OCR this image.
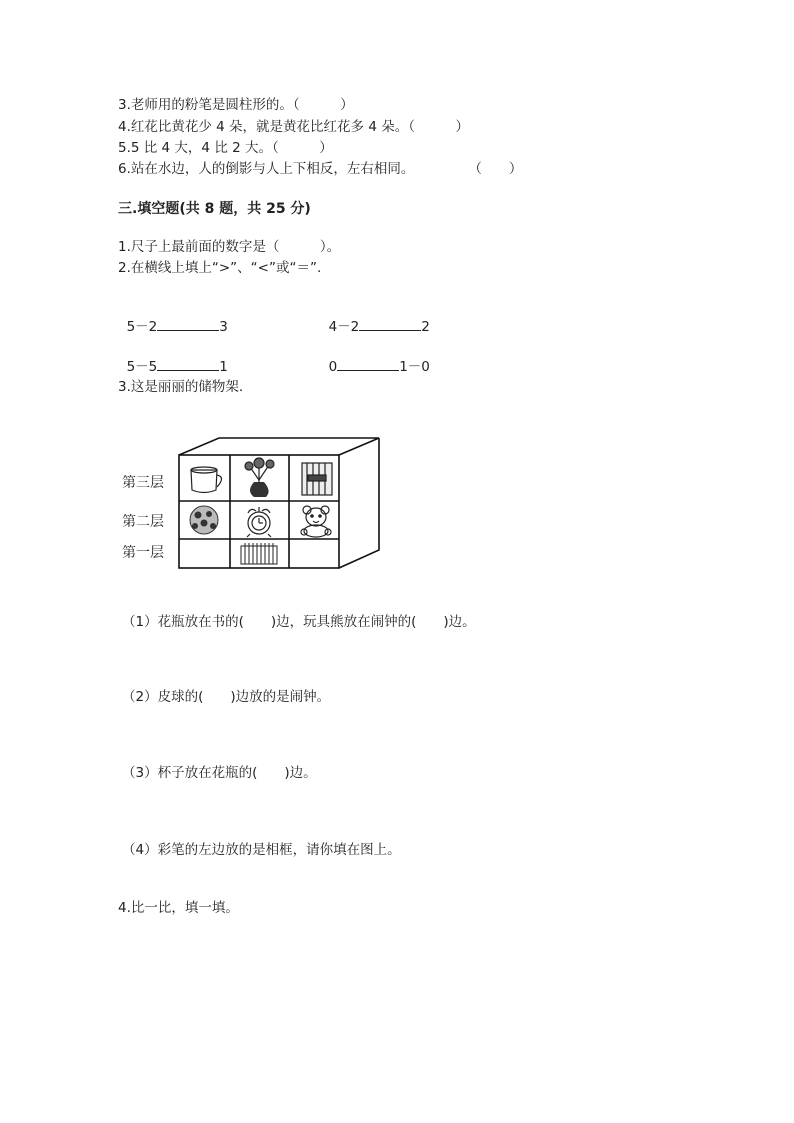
3.老师用的粉笔是圆柱形的。（　　　）
4.红花比黄花少 4 朵，就是黄花比红花多 4 朵。（　　　）
5.5 比 4 大，4 比 2 大。（　　　）
6.站在水边，人的倒影与人上下相反，左右相同。　　　　　（　　）
三.填空题(共 8 题，共 25 分)
1.尺子上最前面的数字是（　　　）。
2.在横线上填上“>”、“<”或“＝”.

5－2	3	4－2	2

5－5	1	0	1－0

3.这是丽丽的储物架.
第三层
第二层
第一层
（1）花瓶放在书的(　　)边，玩具熊放在闹钟的(　　)边。
（2）皮球的(　　)边放的是闹钟。
（3）杯子放在花瓶的(　　)边。
（4）彩笔的左边放的是相框，请你填在图上。
4.比一比，填一填。
